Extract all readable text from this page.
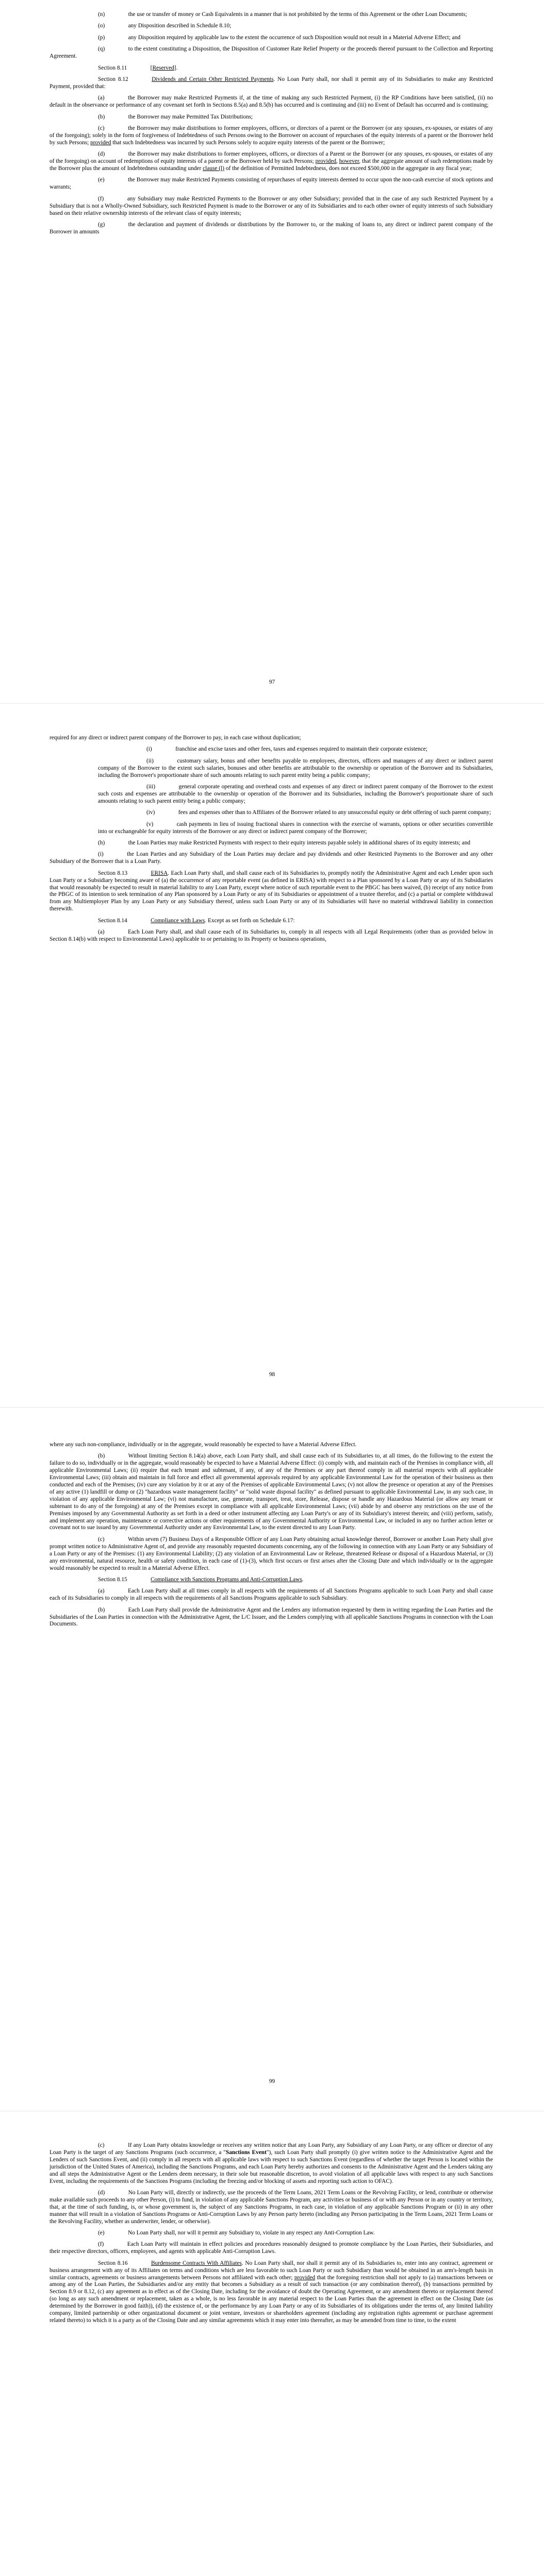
(n)    the use or transfer of money or Cash Equivalents in a manner that is not prohibited by the terms of this Agreement or the other Loan Documents;

(o)    any Disposition described in Schedule 8.10;

(p)    any Disposition required by applicable law to the extent the occurrence of such Disposition would not result in a Material Adverse Effect; and

(q)    to the extent constituting a Disposition, the Disposition of Customer Rate Relief Property or the proceeds thereof pursuant to the Collection and Reporting Agreement.

Section 8.11    [Reserved].

Section 8.12    Dividends and Certain Other Restricted Payments. No Loan Party shall, nor shall it permit any of its Subsidiaries to make any Restricted Payment, provided that:

(a)    the Borrower may make Restricted Payments if, at the time of making any such Restricted Payment, (i) the RP Conditions have been satisfied, (ii) no default in the observance or performance of any covenant set forth in Sections 8.5(a) and 8.5(b) has occurred and is continuing and (iii) no Event of Default has occurred and is continuing;

(b)    the Borrower may make Permitted Tax Distributions;

(c)    the Borrower may make distributions to former employees, officers, or directors of a parent or the Borrower (or any spouses, ex-spouses, or estates of any of the foregoing); solely in the form of forgiveness of Indebtedness of such Persons owing to the Borrower on account of repurchases of the equity interests of a parent or the Borrower held by such Persons; provided that such Indebtedness was incurred by such Persons solely to acquire equity interests of the parent or the Borrower;

(d)    the Borrower may make distributions to former employees, officers, or directors of a Parent or the Borrower (or any spouses, ex-spouses, or estates of any of the foregoing) on account of redemptions of equity interests of a parent or the Borrower held by such Persons; provided, however, that the aggregate amount of such redemptions made by the Borrower plus the amount of Indebtedness outstanding under clause (l) of the definition of Permitted Indebtedness, does not exceed $500,000 in the aggregate in any fiscal year;

(e)    the Borrower may make Restricted Payments consisting of repurchases of equity interests deemed to occur upon the non-cash exercise of stock options and warrants;

(f)    any Subsidiary may make Restricted Payments to the Borrower or any other Subsidiary; provided that in the case of any such Restricted Payment by a Subsidiary that is not a Wholly-Owned Subsidiary, such Restricted Payment is made to the Borrower or any of its Subsidiaries and to each other owner of equity interests of such Subsidiary based on their relative ownership interests of the relevant class of equity interests;

(g)    the declaration and payment of dividends or distributions by the Borrower to, or the making of loans to, any direct or indirect parent company of the Borrower in amounts

97

required for any direct or indirect parent company of the Borrower to pay, in each case without duplication;

(i)    franchise and excise taxes and other fees, taxes and expenses required to maintain their corporate existence;

(ii)    customary salary, bonus and other benefits payable to employees, directors, officers and managers of any direct or indirect parent company of the Borrower to the extent such salaries, bonuses and other benefits are attributable to the ownership or operation of the Borrower and its Subsidiaries, including the Borrower's proportionate share of such amounts relating to such parent entity being a public company;

(iii)    general corporate operating and overhead costs and expenses of any direct or indirect parent company of the Borrower to the extent such costs and expenses are attributable to the ownership or operation of the Borrower and its Subsidiaries, including the Borrower's proportionate share of such amounts relating to such parent entity being a public company;

(iv)    fees and expenses other than to Affiliates of the Borrower related to any unsuccessful equity or debt offering of such parent company;

(v)    cash payments in lieu of issuing fractional shares in connection with the exercise of warrants, options or other securities convertible into or exchangeable for equity interests of the Borrower or any direct or indirect parent company of the Borrower;

(h)    the Loan Parties may make Restricted Payments with respect to their equity interests payable solely in additional shares of its equity interests; and

(i)    the Loan Parties and any Subsidiary of the Loan Parties may declare and pay dividends and other Restricted Payments to the Borrower and any other Subsidiary of the Borrower that is a Loan Party.

Section 8.13    ERISA. Each Loan Party shall, and shall cause each of its Subsidiaries to, promptly notify the Administrative Agent and each Lender upon such Loan Party or a Subsidiary becoming aware of (a) the occurrence of any reportable event (as defined in ERISA) with respect to a Plan sponsored by a Loan Party or any of its Subsidiaries that would reasonably be expected to result in material liability to any Loan Party, except where notice of such reportable event to the PBGC has been waived, (b) receipt of any notice from the PBGC of its intention to seek termination of any Plan sponsored by a Loan Party or any of its Subsidiaries or appointment of a trustee therefor, and (c) a partial or complete withdrawal from any Multiemployer Plan by any Loan Party or any Subsidiary thereof, unless such Loan Party or any of its Subsidiaries will have no material withdrawal liability in connection therewith.

Section 8.14    Compliance with Laws. Except as set forth on Schedule 6.17:

(a)    Each Loan Party shall, and shall cause each of its Subsidiaries to, comply in all respects with all Legal Requirements (other than as provided below in Section 8.14(b) with respect to Environmental Laws) applicable to or pertaining to its Property or business operations,

98

where any such non-compliance, individually or in the aggregate, would reasonably be expected to have a Material Adverse Effect.

(b)    Without limiting Section 8.14(a) above, each Loan Party shall, and shall cause each of its Subsidiaries to, at all times, do the following to the extent the failure to do so, individually or in the aggregate, would reasonably be expected to have a Material Adverse Effect: (i) comply with, and maintain each of the Premises in compliance with, all applicable Environmental Laws; (ii) require that each tenant and subtenant, if any, of any of the Premises or any part thereof comply in all material respects with all applicable Environmental Laws; (iii) obtain and maintain in full force and effect all governmental approvals required by any applicable Environmental Law for the operation of their business as then conducted and each of the Premises; (iv) cure any violation by it or at any of the Premises of applicable Environmental Laws; (v) not allow the presence or operation at any of the Premises of any active (1) landfill or dump or (2) "hazardous waste management facility" or "solid waste disposal facility" as defined pursuant to applicable Environmental Law, in any such case, in violation of any applicable Environmental Law; (vi) not manufacture, use, generate, transport, treat, store, Release, dispose or handle any Hazardous Material (or allow any tenant or subtenant to do any of the foregoing) at any of the Premises except in compliance with all applicable Environmental Laws; (vii) abide by and observe any restrictions on the use of the Premises imposed by any Governmental Authority as set forth in a deed or other instrument affecting any Loan Party's or any of its Subsidiary's interest therein; and (viii) perform, satisfy, and implement any operation, maintenance or corrective actions or other requirements of any Governmental Authority or Environmental Law, or included in any no further action letter or covenant not to sue issued by any Governmental Authority under any Environmental Law, to the extent directed to any Loan Party.

(c)    Within seven (7) Business Days of a Responsible Officer of any Loan Party obtaining actual knowledge thereof, Borrower or another Loan Party shall give prompt written notice to Administrative Agent of, and provide any reasonably requested documents concerning, any of the following in connection with any Loan Party or any Subsidiary of a Loan Party or any of the Premises: (1) any Environmental Liability; (2) any violation of an Environmental Law or Release, threatened Release or disposal of a Hazardous Material, or (3) any environmental, natural resource, health or safety condition, in each case of (1)-(3), which first occurs or first arises after the Closing Date and which individually or in the aggregate would reasonably be expected to result in a Material Adverse Effect.

Section 8.15    Compliance with Sanctions Programs and Anti-Corruption Laws.

(a)    Each Loan Party shall at all times comply in all respects with the requirements of all Sanctions Programs applicable to such Loan Party and shall cause each of its Subsidiaries to comply in all respects with the requirements of all Sanctions Programs applicable to such Subsidiary.

(b)    Each Loan Party shall provide the Administrative Agent and the Lenders any information requested by them in writing regarding the Loan Parties and the Subsidiaries of the Loan Parties in connection with the Administrative Agent, the L/C Issuer, and the Lenders complying with all applicable Sanctions Programs in connection with the Loan Documents.

99

(c)    If any Loan Party obtains knowledge or receives any written notice that any Loan Party, any Subsidiary of any Loan Party, or any officer or director of any Loan Party is the target of any Sanctions Programs (such occurrence, a "Sanctions Event"), such Loan Party shall promptly (i) give written notice to the Administrative Agent and the Lenders of such Sanctions Event, and (ii) comply in all respects with all applicable laws with respect to such Sanctions Event (regardless of whether the target Person is located within the jurisdiction of the United States of America), including the Sanctions Programs, and each Loan Party hereby authorizes and consents to the Administrative Agent and the Lenders taking any and all steps the Administrative Agent or the Lenders deem necessary, in their sole but reasonable discretion, to avoid violation of all applicable laws with respect to any such Sanctions Event, including the requirements of the Sanctions Programs (including the freezing and/or blocking of assets and reporting such action to OFAC).

(d)    No Loan Party will, directly or indirectly, use the proceeds of the Term Loans, 2021 Term Loans or the Revolving Facility, or lend, contribute or otherwise make available such proceeds to any other Person, (i) to fund, in violation of any applicable Sanctions Program, any activities or business of or with any Person or in any country or territory, that, at the time of such funding, is, or whose government is, the subject of any Sanctions Programs, in each case, in violation of any applicable Sanctions Program or (ii) in any other manner that will result in a violation of Sanctions Programs or Anti-Corruption Laws by any Person party hereto (including any Person participating in the Term Loans, 2021 Term Loans or the Revolving Facility, whether as underwriter, lender, or otherwise).

(e)    No Loan Party shall, nor will it permit any Subsidiary to, violate in any respect any Anti-Corruption Law.

(f)    Each Loan Party will maintain in effect policies and procedures reasonably designed to promote compliance by the Loan Parties, their Subsidiaries, and their respective directors, officers, employees, and agents with applicable Anti-Corruption Laws.

Section 8.16    Burdensome Contracts With Affiliates. No Loan Party shall, nor shall it permit any of its Subsidiaries to, enter into any contract, agreement or business arrangement with any of its Affiliates on terms and conditions which are less favorable to such Loan Party or such Subsidiary than would be obtained in an arm's-length basis in similar contracts, agreements or business arrangements between Persons not affiliated with each other; provided that the foregoing restriction shall not apply to (a) transactions between or among any of the Loan Parties, the Subsidiaries and/or any entity that becomes a Subsidiary as a result of such transaction (or any combination thereof), (b) transactions permitted by Section 8.9 or 8.12, (c) any agreement as in effect as of the Closing Date, including for the avoidance of doubt the Operating Agreement, or any amendment thereto or replacement thereof (so long as any such amendment or replacement, taken as a whole, is no less favorable in any material respect to the Loan Parties than the agreement in effect on the Closing Date (as determined by the Borrower in good faith)), (d) the existence of, or the performance by any Loan Party or any of its Subsidiaries of its obligations under the terms of, any limited liability company, limited partnership or other organizational document or joint venture, investors or shareholders agreement (including any registration rights agreement or purchase agreement related thereto) to which it is a party as of the Closing Date and any similar agreements which it may enter into thereafter, as may be amended from time to time, to the extent
